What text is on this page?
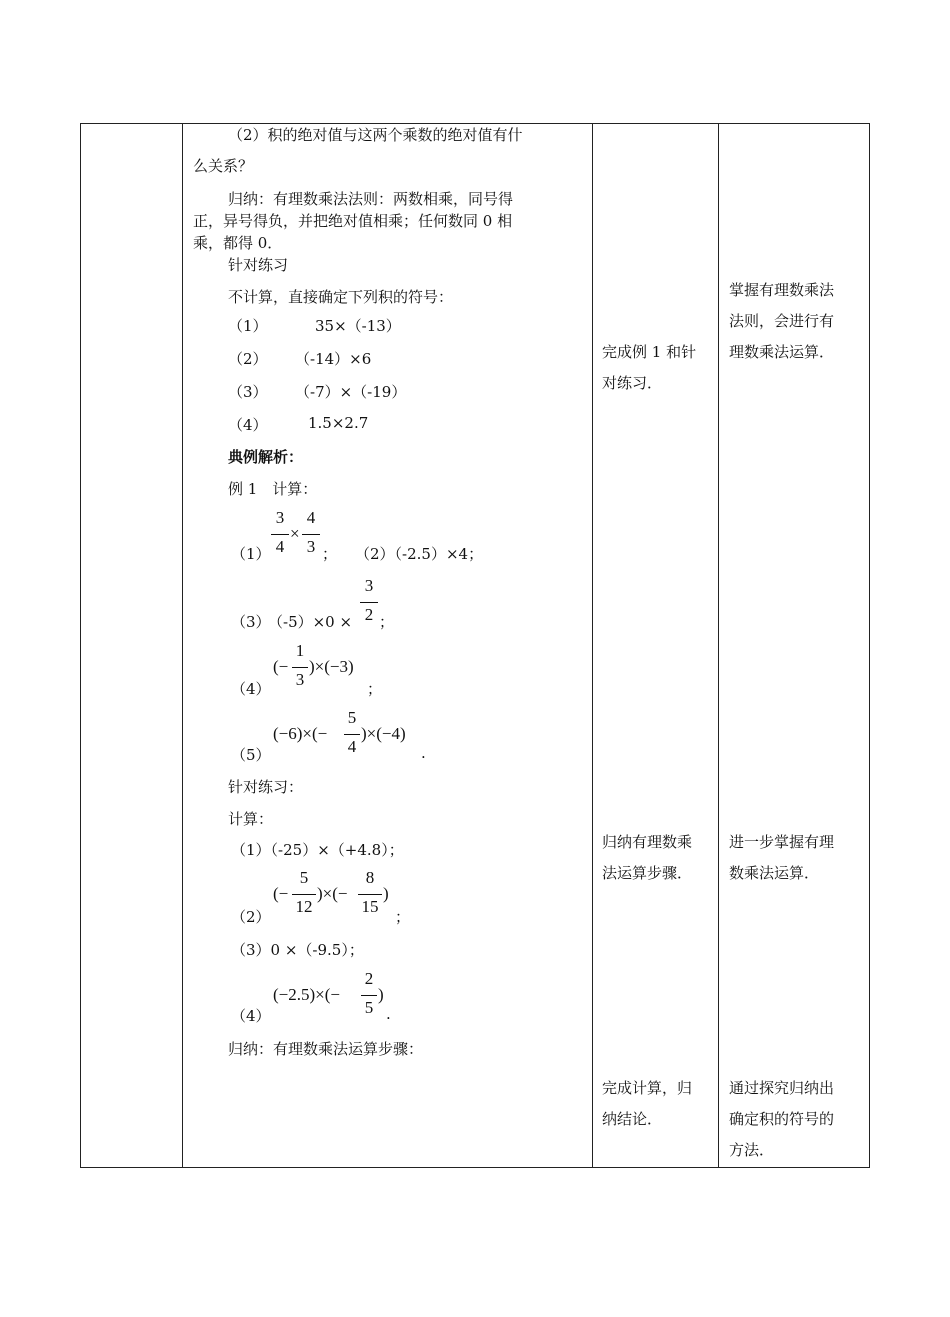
（2）积的绝对值与这两个乘数的绝对值有什
么关系？
归纳：有理数乘法法则：两数相乘，同号得
正，异号得负，并把绝对值相乘；任何数同 0 相
乘，都得 0．
针对练习
不计算，直接确定下列积的符号：
（1）	35×（-13）
（2） （-14）×6
（3） （-7）×（-19）
（4）	1.5×2.7
典例解析：
例 1　计算：
（1）
3
4
×
4
3 ； （2）（-2.5）×4；
（3）
（-5）×0 ×
3
2 ；
（4）
(−
1
3
)×(−3)
；
（5）
(−6)×(−
5
4
)×(−4)
.
针对练习：
计算：
（1）（-25）×（+4.8）；
（2）
(−
5
12
)×(−
8
15
)
；
（3）0 ×（-9.5）；
（4）
(−2.5)×(−
2
5
)
.
归纳：有理数乘法运算步骤：
完成例 1 和针
对练习．
归纳有理数乘
法运算步骤．
完成计算，归
纳结论．
掌握有理数乘法
法则，会进行有
理数乘法运算．
进一步掌握有理
数乘法运算．
通过探究归纳出
确定积的符号的
方法．
